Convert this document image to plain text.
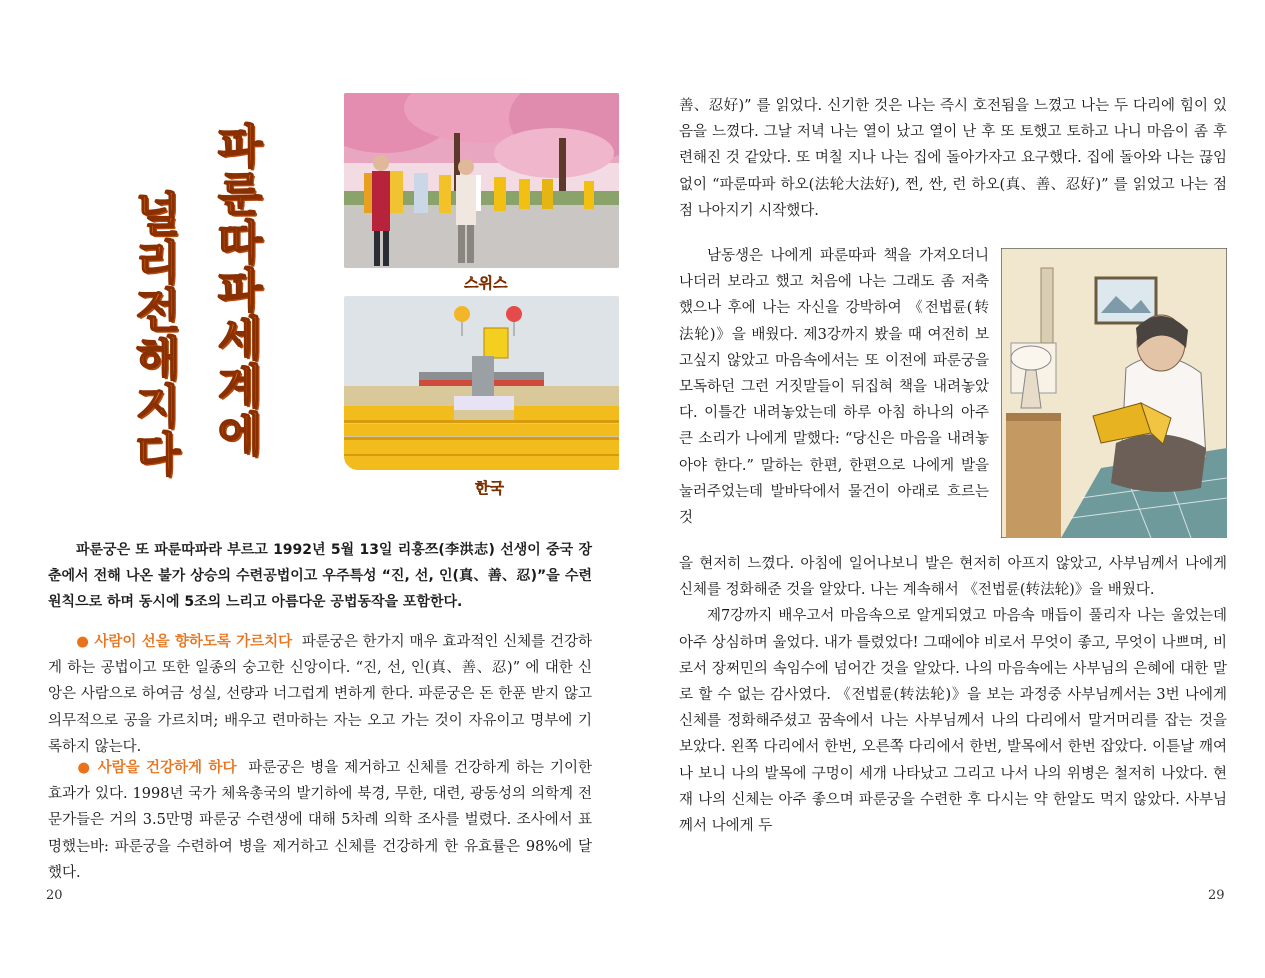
파룬따파세계에
널리전해지다	스위스
한국

파룬궁은 또 파룬따파라 부르고 1992년 5월 13일 리훙쯔(李洪志) 선생이 중국 장춘에서 전해 나온 불가 상승의 수련공법이고 우주특성 “진, 선, 인(真、善、忍)”을 수련원칙으로 하며 동시에 5조의 느리고 아름다운 공법동작을 포함한다.

● 사람이 선을 향하도록 가르치다 파룬궁은 한가지 매우 효과적인 신체를 건강하게 하는 공법이고 또한 일종의 숭고한 신앙이다. “진, 선, 인(真、善、忍)” 에 대한 신앙은 사람으로 하여금 성실, 선량과 너그럽게 변하게 한다. 파룬궁은 돈 한푼 받지 않고 의무적으로 공을 가르치며; 배우고 련마하는 자는 오고 가는 것이 자유이고 명부에 기록하지 않는다.

● 사람을 건강하게 하다 파룬궁은 병을 제거하고 신체를 건강하게 하는 기이한 효과가 있다. 1998년 국가 체육총국의 발기하에 북경, 무한, 대련, 광동성의 의학계 전문가들은 거의 3.5만명 파룬궁 수련생에 대해 5차례 의학 조사를 벌렸다. 조사에서 표명했는바: 파룬궁을 수련하여 병을 제거하고 신체를 건강하게 한 유효률은 98%에 달했다.

20

善、忍好)” 를 읽었다. 신기한 것은 나는 즉시 호전됨을 느꼈고 나는 두 다리에 힘이 있음을 느꼈다. 그날 저녁 나는 열이 났고 열이 난 후 또 토했고 토하고 나니 마음이 좀 후련해진 것 같았다. 또 며칠 지나 나는 집에 돌아가자고 요구했다. 집에 돌아와 나는 끊임없이 “파룬따파 하오(法轮大法好), 쩐, 싼, 런 하오(真、善、忍好)” 를 읽었고 나는 점점 나아지기 시작했다.

남동생은 나에게 파룬따파 책을 가져오더니 나더러 보라고 했고 처음에 나는 그래도 좀 저축했으나 후에 나는 자신을 강박하여 《전법륜(转法轮)》을 배웠다. 제3강까지 봤을 때 여전히 보고싶지 않았고 마음속에서는 또 이전에 파룬궁을 모독하던 그런 거짓말들이 뒤집혀 책을 내려놓았다. 이틀간 내려놓았는데 하루 아침 하나의 아주 큰 소리가 나에게 말했다: “당신은 마음을 내려놓아야 한다.” 말하는 한편, 한편으로 나에게 발을 눌러주었는데 발바닥에서 물건이 아래로 흐르는 것

을 현저히 느꼈다. 아침에 일어나보니 발은 현저히 아프지 않았고, 사부님께서 나에게 신체를 정화해준 것을 알았다. 나는 계속해서 《전법륜(转法轮)》을 배웠다.
제7강까지 배우고서 마음속으로 알게되였고 마음속 매듭이 풀리자 나는 울었는데 아주 상심하며 울었다. 내가 틀렸었다! 그때에야 비로서 무엇이 좋고, 무엇이 나쁘며, 비로서 장쩌민의 속임수에 넘어간 것을 알았다. 나의 마음속에는 사부님의 은혜에 대한 말로 할 수 없는 감사였다. 《전법륜(转法轮)》을 보는 과정중 사부님께서는 3번 나에게 신체를 정화해주셨고 꿈속에서 나는 사부님께서 나의 다리에서 말거머리를 잡는 것을 보았다. 왼쪽 다리에서 한번, 오른쪽 다리에서 한번, 발목에서 한번 잡았다. 이튿날 깨여나 보니 나의 발목에 구멍이 세개 나타났고 그리고 나서 나의 위병은 철저히 나았다. 현재 나의 신체는 아주 좋으며 파룬궁을 수련한 후 다시는 약 한알도 먹지 않았다. 사부님께서 나에게 두

29
